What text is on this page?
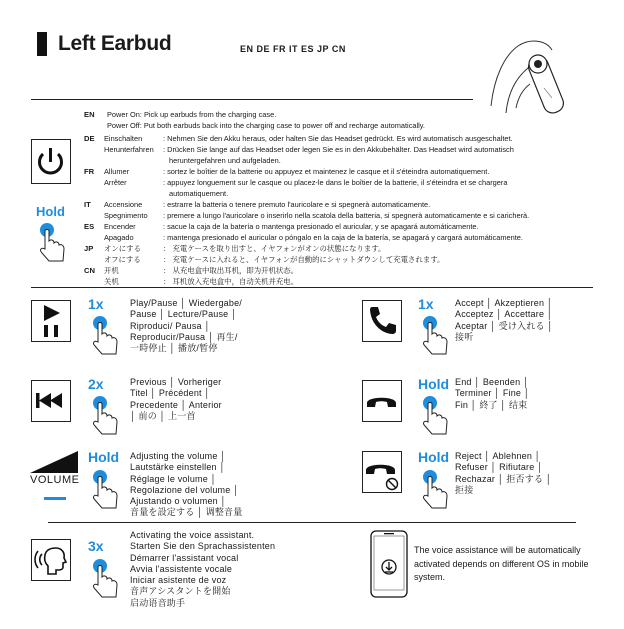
Left Earbud	EN DE FR IT ES JP CN
Hold
EN Power On: Pick up earbuds from the charging case.
Power Off: Put both earbuds back into the charging case to power off and recharge automatically.
DE Einschalten	: Nehmen Sie den Akku heraus, oder halten Sie das Headset gedrückt. Es wird automatisch ausgeschaltet.
Herunterfahren : Drücken Sie lange auf das Headset oder legen Sie es in den Akkubehälter. Das Headset wird automatisch
heruntergefahren und aufgeladen.
FR Allumer	: sortez le boîtier de la batterie ou appuyez et maintenez le casque et il s'éteindra automatiquement.
Arrêter	: appuyez longuement sur le casque ou placez-le dans le boîtier de la batterie, il s'éteindra et se chargera
automatiquement.
IT Accensione	: estrarre la batteria o tenere premuto l'auricolare e si spegnerà automaticamente.
Spegnimento : premere a lungo l'auricolare o inserirlo nella scatola della batteria, si spegnerà automaticamente e si caricherà.
ES Encender	: sacue la caja de la batería o mantenga presionado el auricular, y se apagará automáticamente.
Apagado	: mantenga presionado el auricular o póngalo en la caja de la batería, se apagará y cargará automáticamente.
JP オンにする	： 充電ケースを取り出すと、イヤフォンがオンの状態になります。
オフにする	： 充電ケースに入れると、イヤフォンが自動的にシャットダウンして充電されます。
CN 开机	： 从充电盒中取出耳机，即为开机状态。
关机	： 耳机放入充电盒中，自动关机并充电。
1x	Play/Pause │ Wiedergabe/
Pause │ Lecture/Pause │
Riproduci/ Pausa │
Reproducir/Pausa │ 再生/
一時停止 │ 播放/暂停
1x Accept │ Akzeptieren │
Acceptez │ Accettare │
Aceptar │ 受け入れる │
接听
2x	Previous │ Vorheriger
Titel │ Précédent │
Precedente │ Anterior
│ 前の │ 上一首
Hold End │ Beenden │
Terminer │ Fine │
Fin │ 終了 │ 结束
VOLUME
Hold Adjusting the volume │
Lautstärke einstellen │
Réglage le volume │
Regolazione del volume │
Ajustando o volumen │
音量を設定する │ 调整音量
Hold Reject │ Ablehnen │
Refuser │ Rifiutare │
Rechazar │ 拒否する │
拒接
3x
Activating the voice assistant.
Starten Sie den Sprachassistenten
Démarrer l'assistant vocal
Avvia l'assistente vocale
Iniciar asistente de voz
音声アシスタントを開始
启动语音助手
The voice assistance will be automatically activated depends on different OS in mobile system.
